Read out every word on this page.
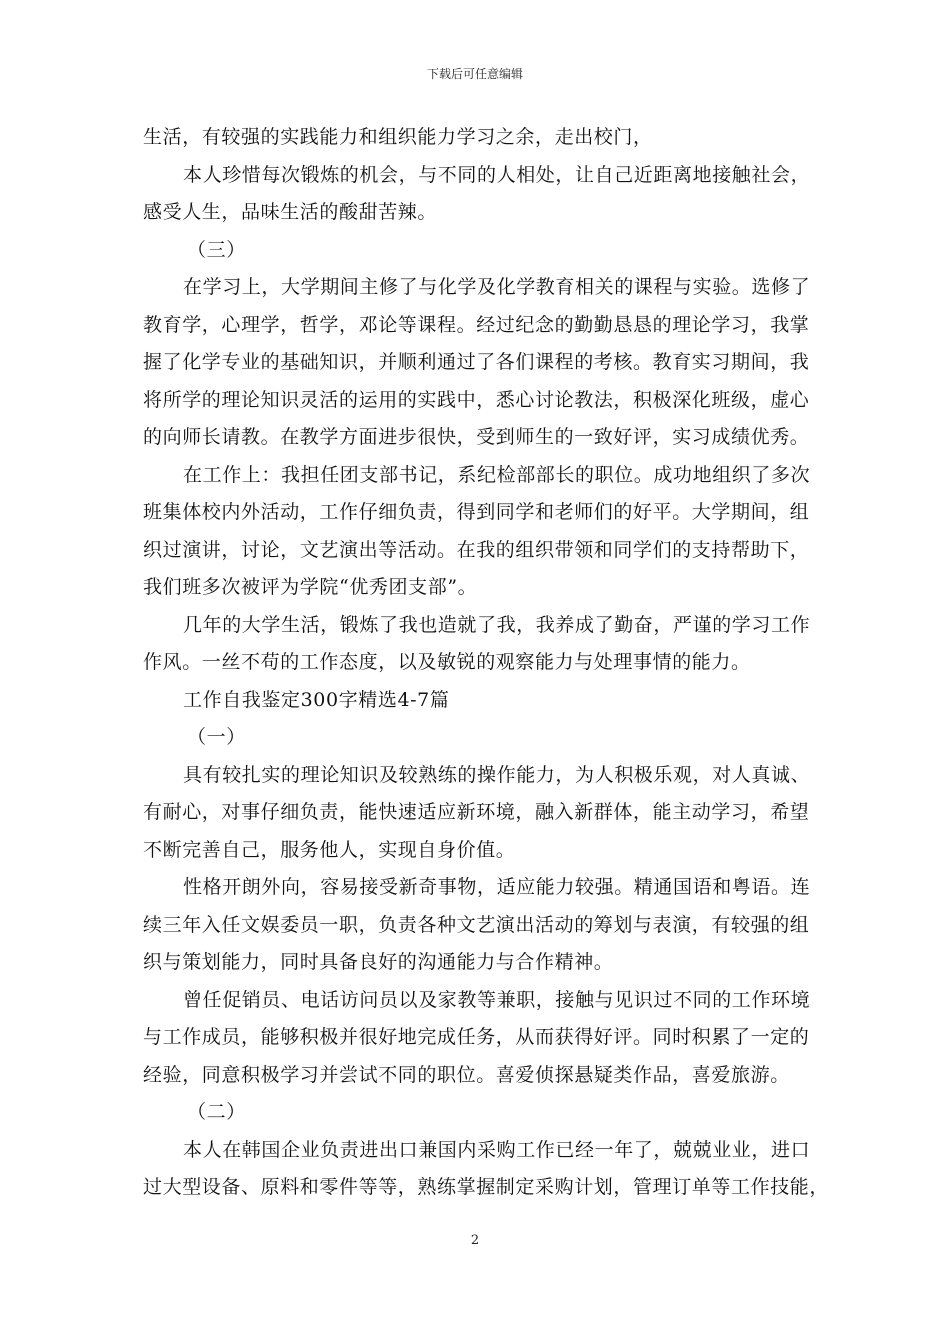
下载后可任意编辑
生活，有较强的实践能力和组织能力学习之余，走出校门，
本人珍惜每次锻炼的机会，与不同的人相处，让自己近距离地接触社会，
感受人生，品味生活的酸甜苦辣。
（三）
在学习上，大学期间主修了与化学及化学教育相关的课程与实验。选修了
教育学，心理学，哲学，邓论等课程。经过纪念的勤勤恳恳的理论学习，我掌
握了化学专业的基础知识，并顺利通过了各们课程的考核。教育实习期间，我
将所学的理论知识灵活的运用的实践中，悉心讨论教法，积极深化班级，虚心
的向师长请教。在教学方面进步很快，受到师生的一致好评，实习成绩优秀。
在工作上：我担任团支部书记，系纪检部部长的职位。成功地组织了多次
班集体校内外活动，工作仔细负责，得到同学和老师们的好平。大学期间，组
织过演讲，讨论，文艺演出等活动。在我的组织带领和同学们的支持帮助下，
我们班多次被评为学院“优秀团支部”。
几年的大学生活，锻炼了我也造就了我，我养成了勤奋，严谨的学习工作
作风。一丝不苟的工作态度，以及敏锐的观察能力与处理事情的能力。
工作自我鉴定300字精选4-7篇
（一）
具有较扎实的理论知识及较熟练的操作能力，为人积极乐观，对人真诚、
有耐心，对事仔细负责，能快速适应新环境，融入新群体，能主动学习，希望
不断完善自己，服务他人，实现自身价值。
性格开朗外向，容易接受新奇事物，适应能力较强。精通国语和粤语。连
续三年入任文娱委员一职，负责各种文艺演出活动的筹划与表演，有较强的组
织与策划能力，同时具备良好的沟通能力与合作精神。
曾任促销员、电话访问员以及家教等兼职，接触与见识过不同的工作环境
与工作成员，能够积极并很好地完成任务，从而获得好评。同时积累了一定的
经验，同意积极学习并尝试不同的职位。喜爱侦探悬疑类作品，喜爱旅游。
（二）
本人在韩国企业负责进出口兼国内采购工作已经一年了，兢兢业业，进口
过大型设备、原料和零件等等，熟练掌握制定采购计划，管理订单等工作技能，
2
